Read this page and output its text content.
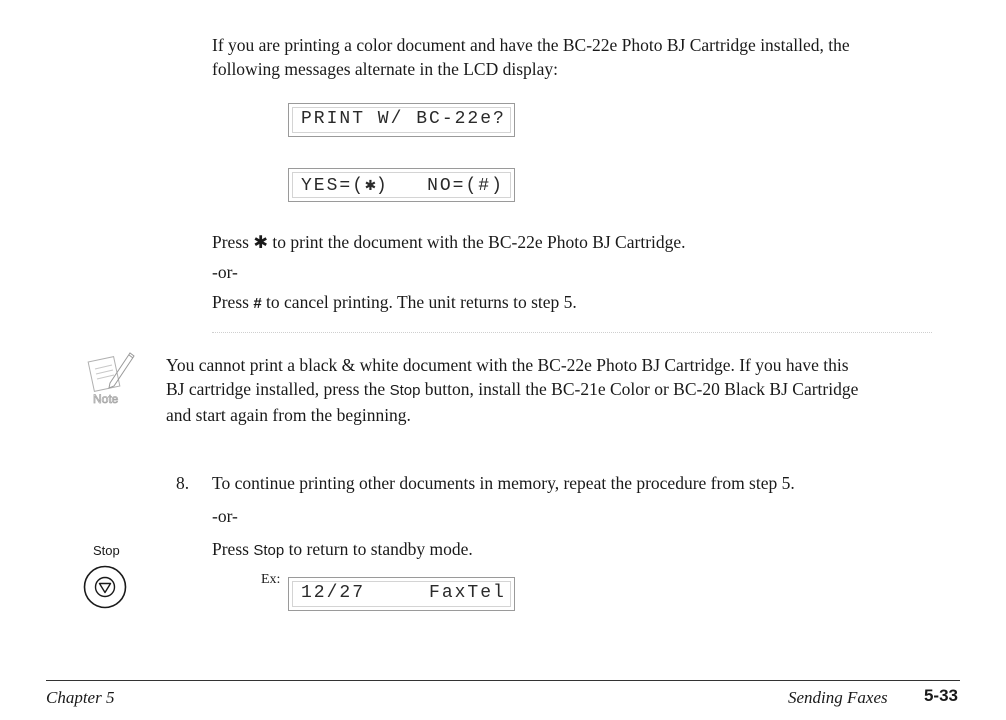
If you are printing a color document and have the BC-22e Photo BJ Cartridge installed, the
following messages alternate in the LCD display:
PRINT W/ BC-22e?
YES=(✱)   NO=(#)
Press ✱ to print the document with the BC-22e Photo BJ Cartridge.
-or-
Press # to cancel printing. The unit returns to step 5.
Note
You cannot print a black & white document with the BC-22e Photo BJ Cartridge. If you have this
BJ cartridge installed, press the Stop button, install the BC-21e Color or BC-20 Black BJ Cartridge
and start again from the beginning.
8. To continue printing other documents in memory, repeat the procedure from step 5.
-or-
Stop	Press Stop to return to standby mode.
Ex:
12/27     FaxTel
Chapter 5	Sending Faxes	5-33
